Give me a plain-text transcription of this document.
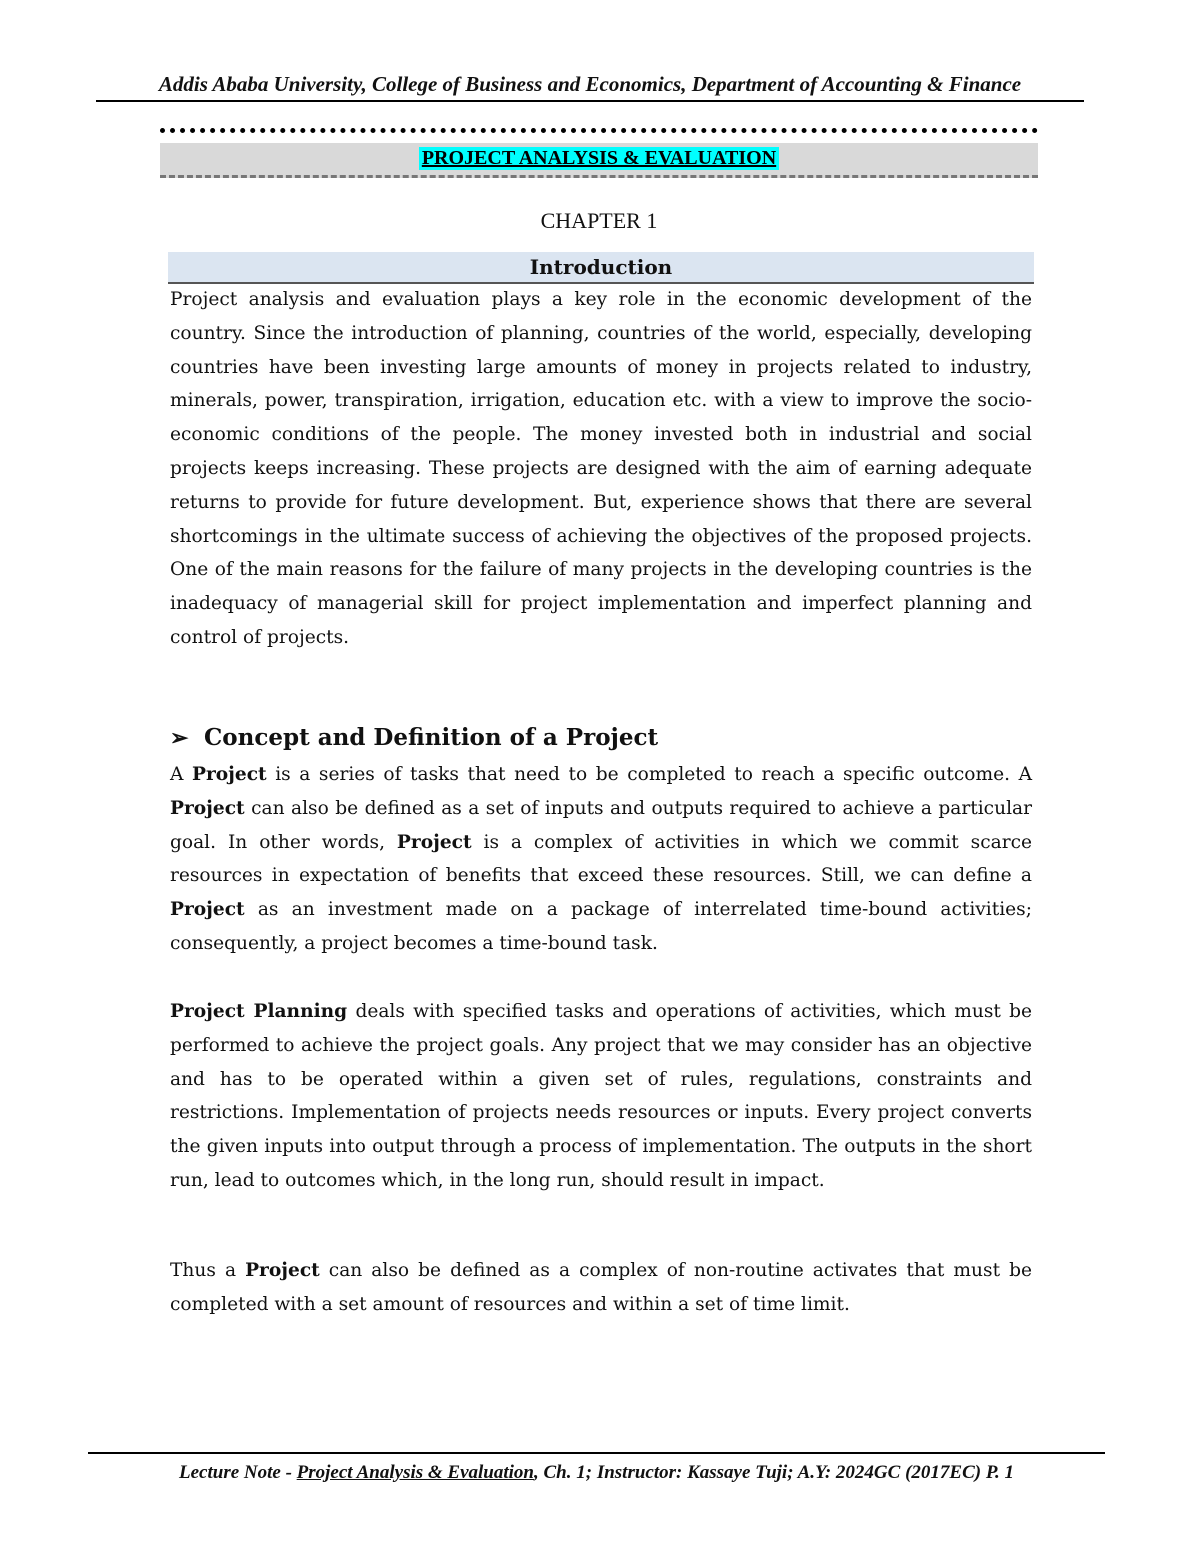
Addis Ababa University, College of Business and Economics, Department of Accounting & Finance
PROJECT ANALYSIS & EVALUATION
CHAPTER 1
Introduction

Project analysis and evaluation plays a key role in the economic development of the country. Since the introduction of planning, countries of the world, especially, developing countries have been investing large amounts of money in projects related to industry, minerals, power, transpiration, irrigation, education etc. with a view to improve the socio-economic conditions of the people. The money invested both in industrial and social projects keeps increasing. These projects are designed with the aim of earning adequate returns to provide for future development. But, experience shows that there are several shortcomings in the ultimate success of achieving the objectives of the proposed projects. One of the main reasons for the failure of many projects in the developing countries is the inadequacy of managerial skill for project implementation and imperfect planning and control of projects.

➢ Concept and Definition of a Project

A Project is a series of tasks that need to be completed to reach a specific outcome. A Project can also be defined as a set of inputs and outputs required to achieve a particular goal. In other words, Project is a complex of activities in which we commit scarce resources in expectation of benefits that exceed these resources. Still, we can define a Project as an investment made on a package of interrelated time-bound activities; consequently, a project becomes a time-bound task.

Project Planning deals with specified tasks and operations of activities, which must be performed to achieve the project goals. Any project that we may consider has an objective and has to be operated within a given set of rules, regulations, constraints and restrictions. Implementation of projects needs resources or inputs. Every project converts the given inputs into output through a process of implementation. The outputs in the short run, lead to outcomes which, in the long run, should result in impact.

Thus a Project can also be defined as a complex of non-routine activates that must be completed with a set amount of resources and within a set of time limit.

Lecture Note - Project Analysis & Evaluation, Ch. 1; Instructor: Kassaye Tuji; A.Y: 2024GC (2017EC) P. 1
